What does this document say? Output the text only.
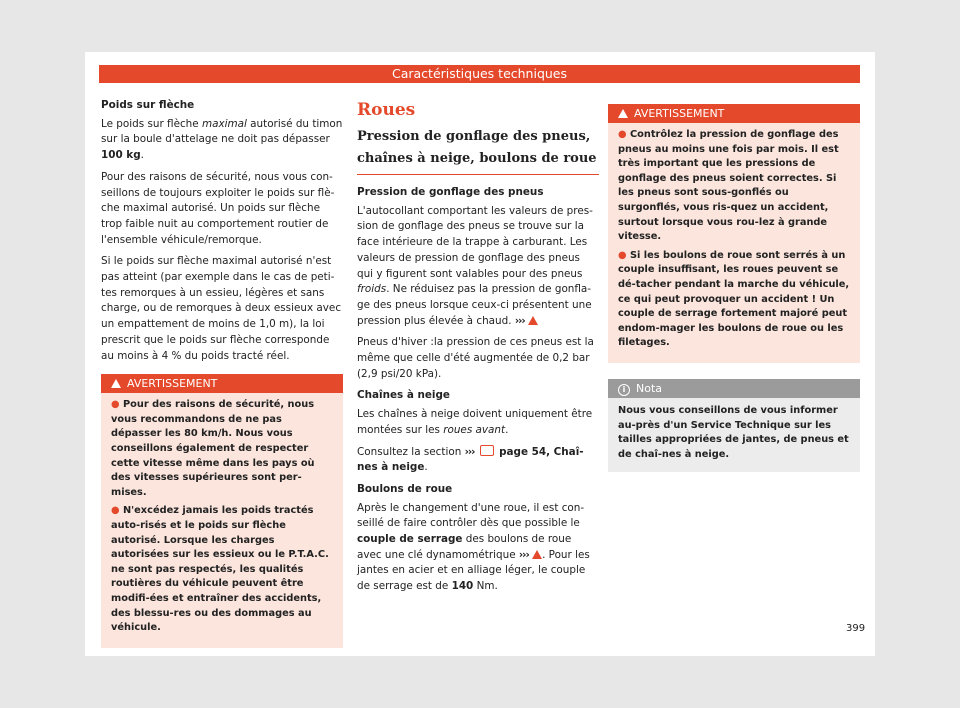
Caractéristiques techniques

Poids sur flèche

Le poids sur flèche maximal autorisé du timon sur la boule d'attelage ne doit pas dépasser 100 kg.

Pour des raisons de sécurité, nous vous con-seillons de toujours exploiter le poids sur flè-che maximal autorisé. Un poids sur flèche trop faible nuit au comportement routier de l'ensemble véhicule/remorque.

Si le poids sur flèche maximal autorisé n'est pas atteint (par exemple dans le cas de peti-tes remorques à un essieu, légères et sans charge, ou de remorques à deux essieux avec un empattement de moins de 1,0 m), la loi prescrit que le poids sur flèche corresponde au moins à 4 % du poids tracté réel.

AVERTISSEMENT
● Pour des raisons de sécurité, nous vous recommandons de ne pas dépasser les 80 km/h. Nous vous conseillons également de respecter cette vitesse même dans les pays où des vitesses supérieures sont per-mises.
● N'excédez jamais les poids tractés auto-risés et le poids sur flèche autorisé. Lorsque les charges autorisées sur les essieux ou le P.T.A.C. ne sont pas respectés, les qualités routières du véhicule peuvent être modifi-ées et entraîner des accidents, des blessu-res ou des dommages au véhicule.
Roues
Pression de gonflage des pneus, chaînes à neige, boulons de roue

Pression de gonflage des pneus

L'autocollant comportant les valeurs de pres-sion de gonflage des pneus se trouve sur la face intérieure de la trappe à carburant. Les valeurs de pression de gonflage des pneus qui y figurent sont valables pour des pneus froids. Ne réduisez pas la pression de gonfla-ge des pneus lorsque ceux-ci présentent une pression plus élevée à chaud. ›››

Pneus d'hiver :la pression de ces pneus est la même que celle d'été augmentée de 0,2 bar (2,9 psi/20 kPa).

Chaînes à neige

Les chaînes à neige doivent uniquement être montées sur les roues avant.

Consultez la section ››› page 54, Chaî-nes à neige.

Boulons de roue

Après le changement d'une roue, il est con-seillé de faire contrôler dès que possible le couple de serrage des boulons de roue avec une clé dynamométrique ››› . Pour les jantes en acier et en alliage léger, le couple de serrage est de 140 Nm.

AVERTISSEMENT
● Contrôlez la pression de gonflage des pneus au moins une fois par mois. Il est très important que les pressions de gonflage des pneus soient correctes. Si les pneus sont sous-gonflés ou surgonflés, vous ris-quez un accident, surtout lorsque vous rou-lez à grande vitesse.
● Si les boulons de roue sont serrés à un couple insuffisant, les roues peuvent se dé-tacher pendant la marche du véhicule, ce qui peut provoquer un accident ! Un couple de serrage fortement majoré peut endom-mager les boulons de roue ou les filetages.
i Nota
Nous vous conseillons de vous informer au-près d'un Service Technique sur les tailles appropriées de jantes, de pneus et de chaî-nes à neige.
399
